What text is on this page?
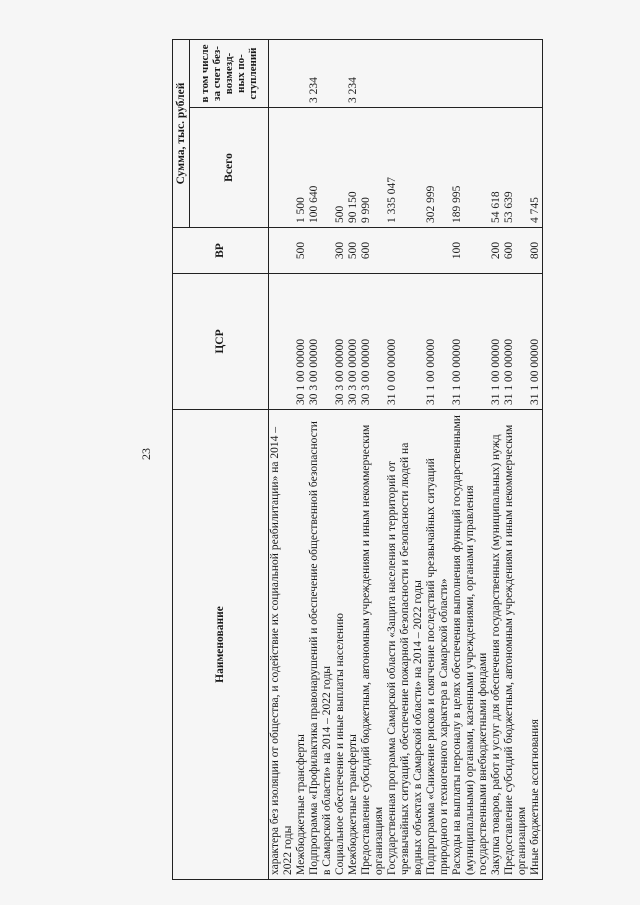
23
Наименование	ЦСР	ВР	Сумма, тыс. рублей	
			Всего	в том числе за счет без-возмезд-ных по-ступлений
характера без изоляции от общества, и содействие их социальной реабилитации» на 2014 – 2022 годы				
Межбюджетные трансферты	30 1 00 00000	500	1 500	
Подпрограмма «Профилактика правонарушений и обеспечение общественной безопасности в Самарской области» на 2014 – 2022 годы	30 3 00 00000		100 640	3 234
Социальное обеспечение и иные выплаты населению	30 3 00 00000	300	500	
Межбюджетные трансферты	30 3 00 00000	500	90 150	3 234
Предоставление субсидий бюджетным, автономным учреждениям и иным некоммерческим организациям	30 3 00 00000	600	9 990	
Государственная программа Самарской области «Защита населения и территорий от чрезвычайных ситуаций, обеспечение пожарной безопасности и безопасности людей на водных объектах в Самарской области» на 2014 – 2022 годы	31 0 00 00000		1 335 047	
Подпрограмма «Снижение рисков и смягчение последствий чрезвычайных ситуаций природного и техногенного характера в Самарской области»	31 1 00 00000		302 999	
Расходы на выплаты персоналу в целях обеспечения выполнения функций государственными (муниципальными) органами, казенными учреждениями, органами управления государственными внебюджетными фондами	31 1 00 00000	100	189 995	
Закупка товаров, работ и услуг для обеспечения государственных (муниципальных) нужд	31 1 00 00000	200	54 618	
Предоставление субсидий бюджетным, автономным учреждениям и иным некоммерческим организациям	31 1 00 00000	600	53 639	
Иные бюджетные ассигнования	31 1 00 00000	800	4 745	
